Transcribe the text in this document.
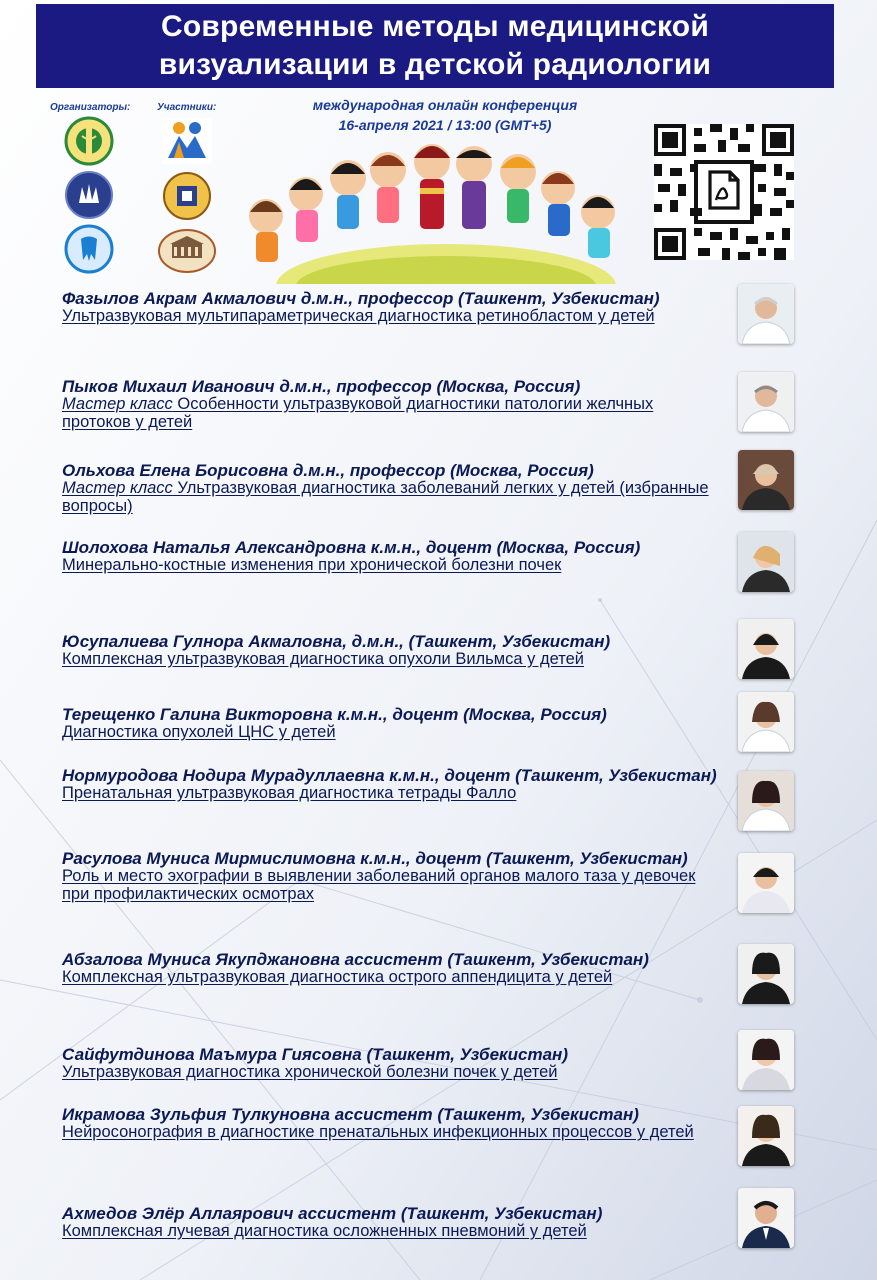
Современные методы медицинской
визуализации в детской радиологии
Организаторы:	Участники:	международная онлайн конференция
16-апреля 2021 / 13:00 (GMT+5)
Фазылов Акрам Акмалович д.м.н., профессор (Ташкент, Узбекистан)
Ультразвуковая мультипараметрическая диагностика ретинобластом у детей
Пыков Михаил Иванович д.м.н., профессор (Москва, Россия)
Мастер класс Особенности ультразвуковой диагностики патологии желчных протоков у детей
Ольхова Елена Борисовна д.м.н., профессор (Москва, Россия)
Мастер класс Ультразвуковая диагностика заболеваний легких у детей (избранные вопросы)
Шолохова Наталья Александровна к.м.н., доцент (Москва, Россия)
Минерально-костные изменения при хронической болезни почек
Юсупалиева Гулнора Акмаловна, д.м.н., (Ташкент, Узбекистан)
Комплексная ультразвуковая диагностика опухоли Вильмса у детей
Терещенко Галина Викторовна к.м.н., доцент (Москва, Россия)
Диагностика опухолей ЦНС у детей
Нормуродова Нодира Мурадуллаевна к.м.н., доцент (Ташкент, Узбекистан)
Пренатальная ультразвуковая диагностика тетрады Фалло
Расулова Муниса Мирмислимовна к.м.н., доцент (Ташкент, Узбекистан)
Роль и место эхографии в выявлении заболеваний органов малого таза у девочек при профилактических осмотрах
Абзалова Муниса Якупджановна ассистент (Ташкент, Узбекистан)
Комплексная ультразвуковая диагностика острого аппендицита у детей
Сайфутдинова Маъмура Гиясовна (Ташкент, Узбекистан)
Ультразвуковая диагностика хронической болезни почек у детей
Икрамова Зульфия Тулкуновна ассистент (Ташкент, Узбекистан)
Нейросонография в диагностике пренатальных инфекционных процессов у детей
Ахмедов Элёр Аллаярович ассистент (Ташкент, Узбекистан)
Комплексная лучевая диагностика осложненных пневмоний у детей
